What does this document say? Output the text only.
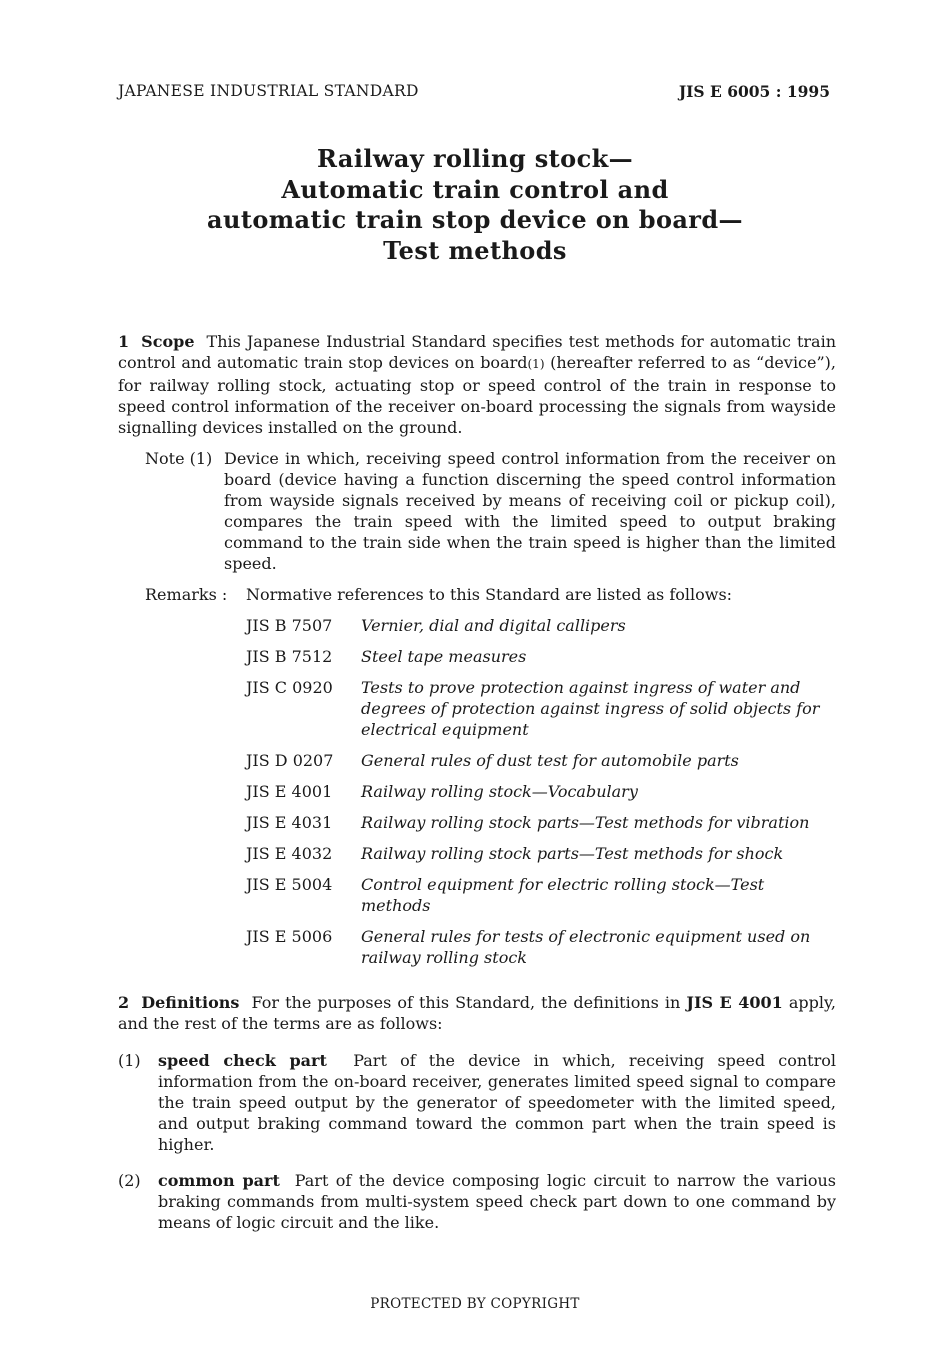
JAPANESE INDUSTRIAL STANDARD	JIS E 6005 : 1995
Railway rolling stock—
Automatic train control and
automatic train stop device on board—
Test methods
1 Scope This Japanese Industrial Standard specifies test methods for automatic train control and automatic train stop devices on board(1) (hereafter referred to as “device”), for railway rolling stock, actuating stop or speed control of the train in response to speed control information of the receiver on-board processing the signals from wayside signalling devices installed on the ground.
Note (1) Device in which, receiving speed control information from the receiver on board (device having a function discerning the speed control information from wayside signals received by means of receiving coil or pickup coil), compares the train speed with the limited speed to output braking command to the train side when the train speed is higher than the limited speed.
Remarks : Normative references to this Standard are listed as follows:
JIS B 7507	Vernier, dial and digital callipers
JIS B 7512	Steel tape measures
JIS C 0920	Tests to prove protection against ingress of water and degrees of protection against ingress of solid objects for electrical equipment
JIS D 0207	General rules of dust test for automobile parts
JIS E 4001	Railway rolling stock—Vocabulary
JIS E 4031	Railway rolling stock parts—Test methods for vibration
JIS E 4032	Railway rolling stock parts—Test methods for shock
JIS E 5004	Control equipment for electric rolling stock—Test methods
JIS E 5006	General rules for tests of electronic equipment used on railway rolling stock
2 Definitions For the purposes of this Standard, the definitions in JIS E 4001 apply, and the rest of the terms are as follows:
(1)	speed check part Part of the device in which, receiving speed control information from the on-board receiver, generates limited speed signal to compare the train speed output by the generator of speedometer with the limited speed, and output braking command toward the common part when the train speed is higher.
(2)	common part Part of the device composing logic circuit to narrow the various braking commands from multi-system speed check part down to one command by means of logic circuit and the like.
PROTECTED BY COPYRIGHT
